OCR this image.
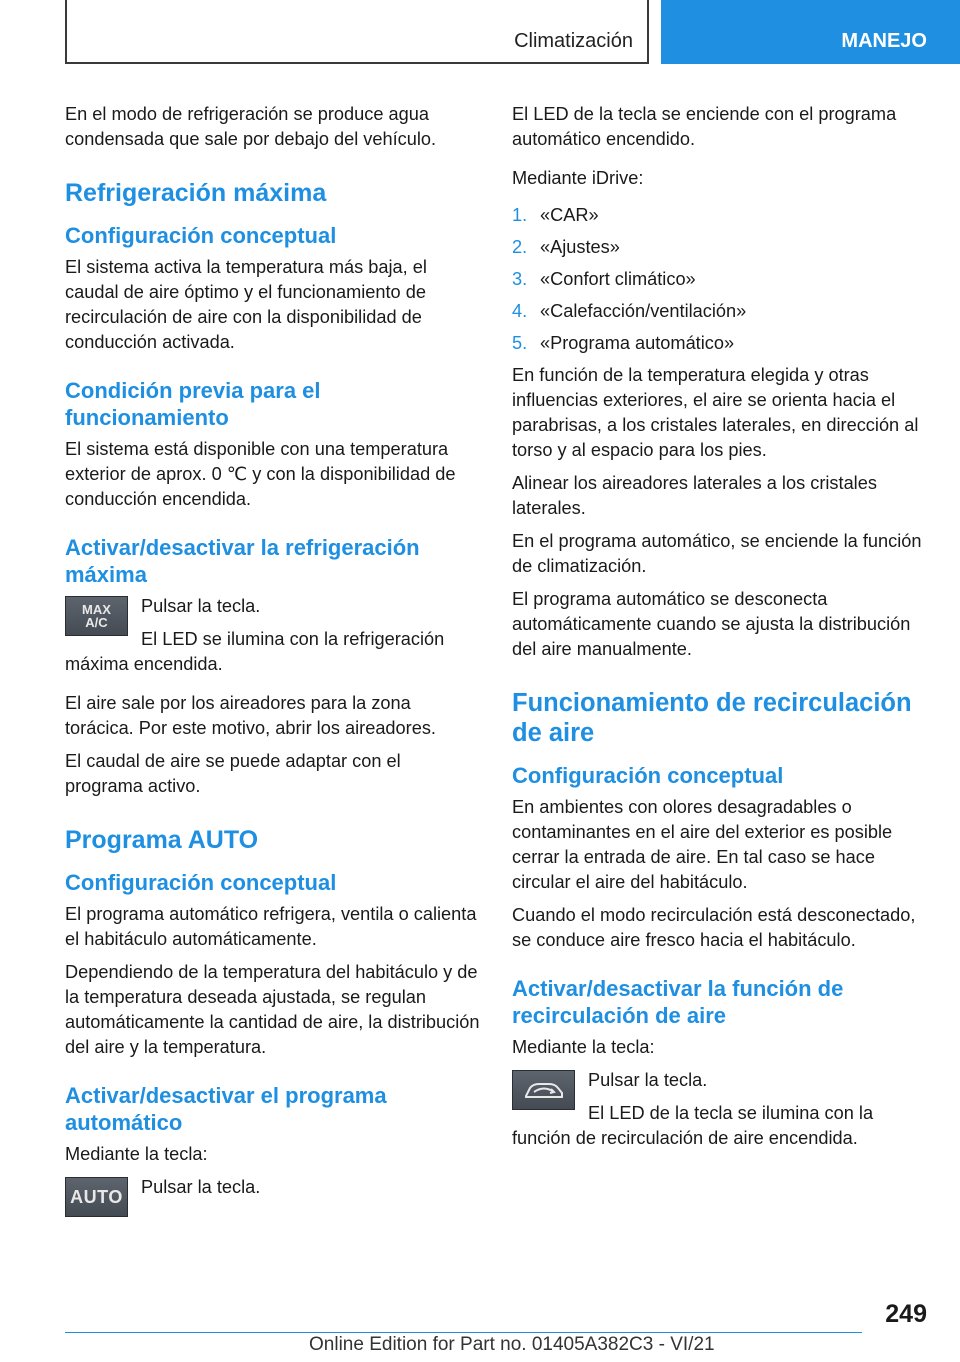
Climatización	MANEJO

En el modo de refrigeración se produce agua condensada que sale por debajo del vehículo.

Refrigeración máxima
Configuración conceptual

El sistema activa la temperatura más baja, el caudal de aire óptimo y el funcionamiento de recirculación de aire con la disponibilidad de conducción activada.

Condición previa para el funcionamiento

El sistema está disponible con una temperatura exterior de aprox. 0 ℃ y con la disponibilidad de conducción encendida.

Activar/desactivar la refrigeración máxima
MAX
A/C

Pulsar la tecla.

El LED se ilumina con la refrigeración máxima encendida.

El aire sale por los aireadores para la zona torácica. Por este motivo, abrir los aireadores.

El caudal de aire se puede adaptar con el programa activo.

Programa AUTO
Configuración conceptual

El programa automático refrigera, ventila o calienta el habitáculo automáticamente.

Dependiendo de la temperatura del habitáculo y de la temperatura deseada ajustada, se regulan automáticamente la cantidad de aire, la distribución del aire y la temperatura.

Activar/desactivar el programa automático

Mediante la tecla:

AUTO Pulsar la tecla.

El LED de la tecla se enciende con el programa automático encendido.

Mediante iDrive:

1. «CAR»
2. «Ajustes»
3. «Confort climático»
4. «Calefacción/ventilación»
5. «Programa automático»

En función de la temperatura elegida y otras influencias exteriores, el aire se orienta hacia el parabrisas, a los cristales laterales, en dirección al torso y al espacio para los pies.

Alinear los aireadores laterales a los cristales laterales.

En el programa automático, se enciende la función de climatización.

El programa automático se desconecta automáticamente cuando se ajusta la distribución del aire manualmente.

Funcionamiento de recirculación de aire
Configuración conceptual

En ambientes con olores desagradables o contaminantes en el aire del exterior es posible cerrar la entrada de aire. En tal caso se hace circular el aire del habitáculo.

Cuando el modo recirculación está desconectado, se conduce aire fresco hacia el habitáculo.

Activar/desactivar la función de recirculación de aire

Mediante la tecla:

Pulsar la tecla.

El LED de la tecla se ilumina con la función de recirculación de aire encendida.

249
Online Edition for Part no. 01405A382C3 - VI/21
